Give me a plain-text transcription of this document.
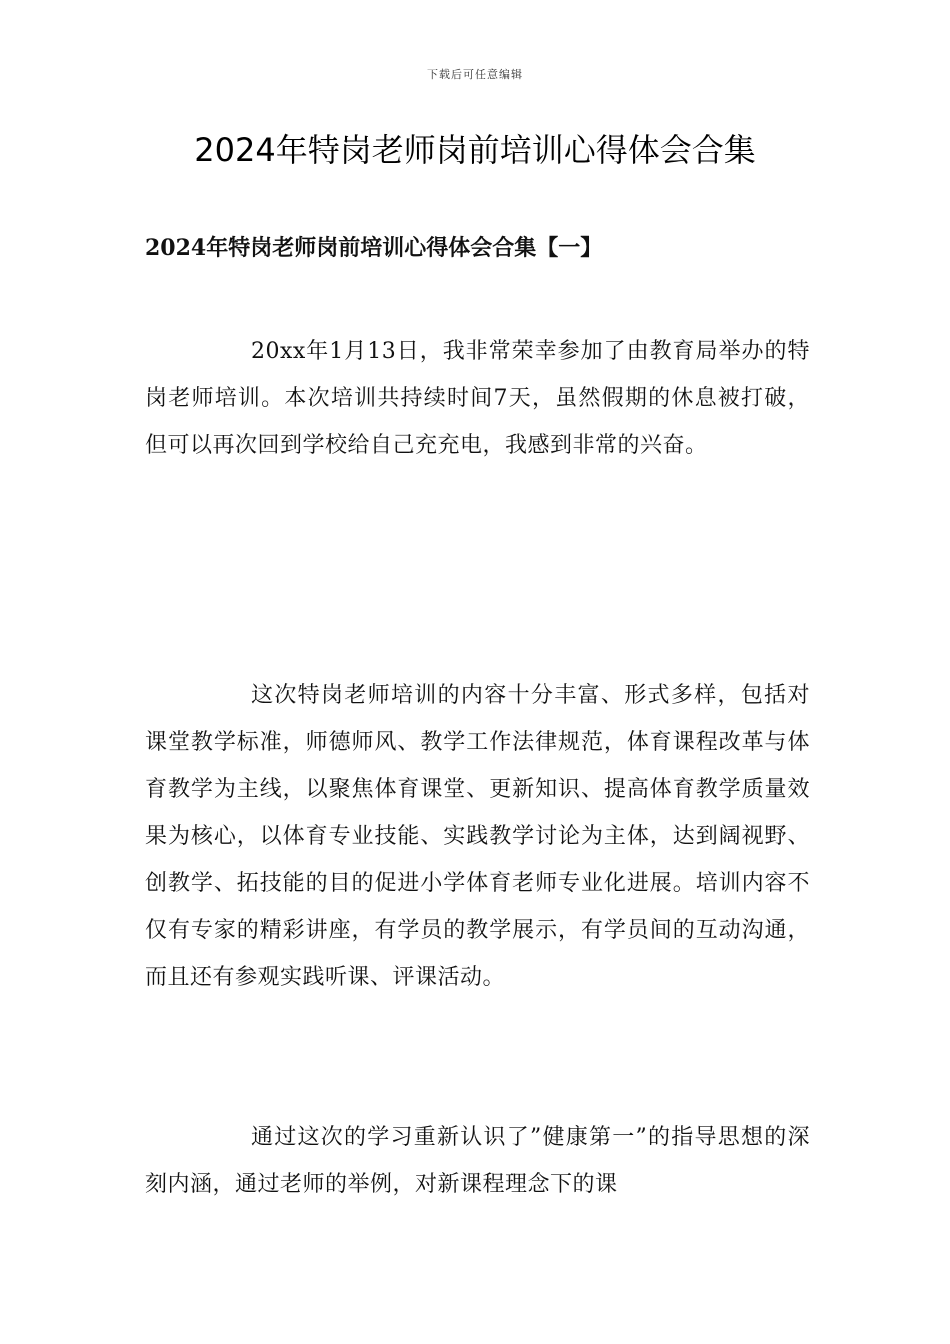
下载后可任意编辑
2024年特岗老师岗前培训心得体会合集
2024年特岗老师岗前培训心得体会合集【一】

20xx年1月13日，我非常荣幸参加了由教育局举办的特岗老师培训。本次培训共持续时间7天，虽然假期的休息被打破，但可以再次回到学校给自己充充电，我感到非常的兴奋。

这次特岗老师培训的内容十分丰富、形式多样，包括对课堂教学标准，师德师风、教学工作法律规范，体育课程改革与体育教学为主线，以聚焦体育课堂、更新知识、提高体育教学质量效果为核心，以体育专业技能、实践教学讨论为主体，达到阔视野、创教学、拓技能的目的促进小学体育老师专业化进展。培训内容不仅有专家的精彩讲座，有学员的教学展示，有学员间的互动沟通，而且还有参观实践听课、评课活动。

通过这次的学习重新认识了”健康第一”的指导思想的深刻内涵，通过老师的举例，对新课程理念下的课
